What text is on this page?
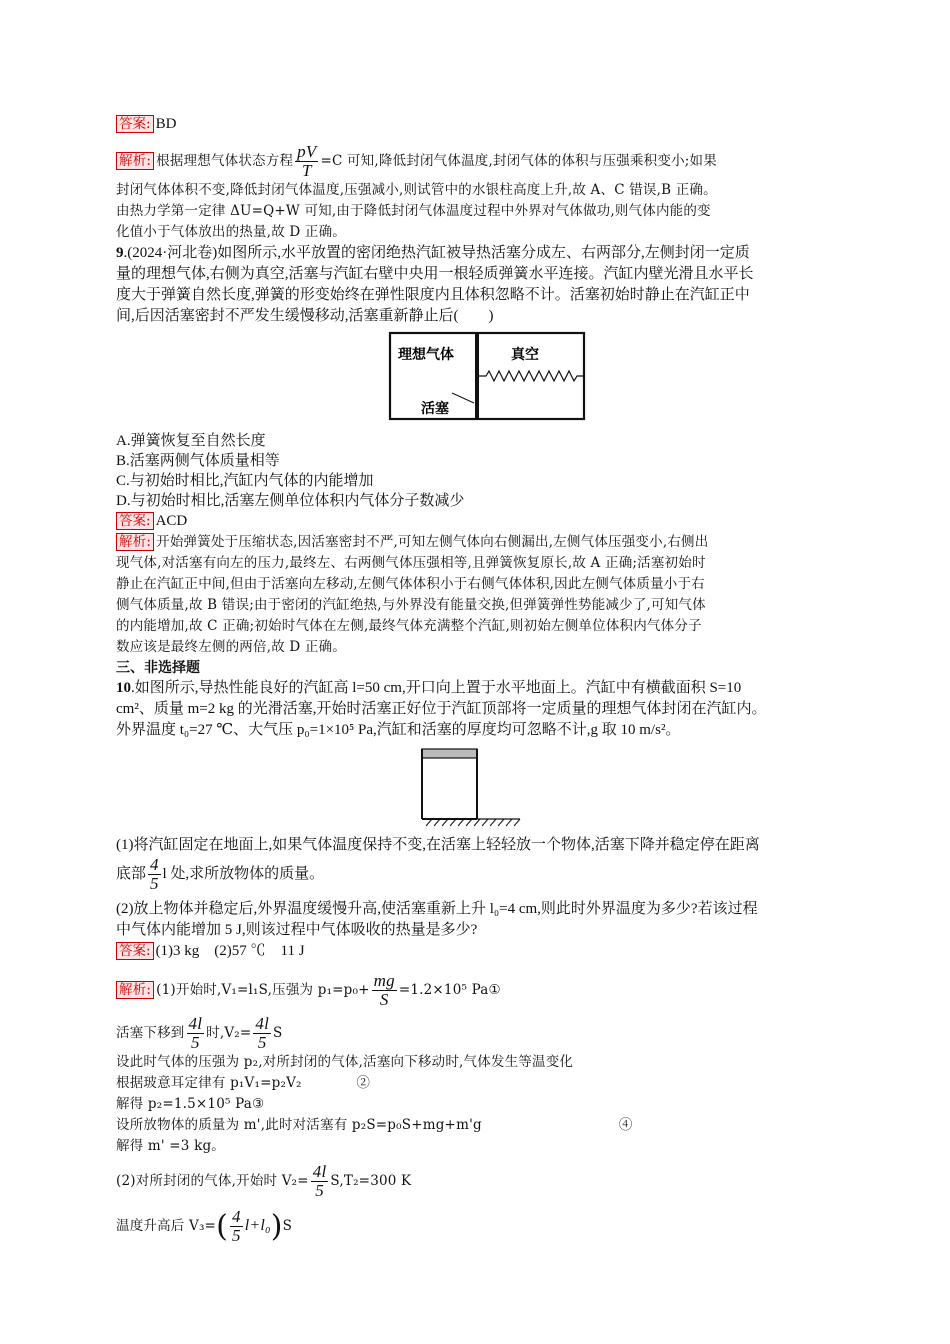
答案: BD
解析: 根据理想气体状态方程 $\frac{pV}{T} =C$ 可知,降低封闭气体温度,封闭气体的体积与压强乘积变小;如果
封闭气体体积不变,降低封闭气体温度,压强减小,则试管中的水银柱高度上升,故 A、C 错误,B 正确。
由热力学第一定律 ΔU=Q+W 可知,由于降低封闭气体温度过程中外界对气体做功,则气体内能的变
化值小于气体放出的热量,故 D 正确。
9.(2024·河北卷)如图所示,水平放置的密闭绝热汽缸被导热活塞分成左、右两部分,左侧封闭一定质
量的理想气体,右侧为真空,活塞与汽缸右壁中央用一根轻质弹簧水平连接。汽缸内壁光滑且水平长
度大于弹簧自然长度,弹簧的形变始终在弹性限度内且体积忽略不计。活塞初始时静止在汽缸正中
间,后因活塞密封不严发生缓慢移动,活塞重新静止后(　　)
理想气体	真空
活塞
A.弹簧恢复至自然长度
B.活塞两侧气体质量相等
C.与初始时相比,汽缸内气体的内能增加
D.与初始时相比,活塞左侧单位体积内气体分子数减少
答案: ACD
解析: 开始弹簧处于压缩状态,因活塞密封不严,可知左侧气体向右侧漏出,左侧气体压强变小,右侧出
现气体,对活塞有向左的压力,最终左、右两侧气体压强相等,且弹簧恢复原长,故 A 正确;活塞初始时
静止在汽缸正中间,但由于活塞向左移动,左侧气体体积小于右侧气体体积,因此左侧气体质量小于右
侧气体质量,故 B 错误;由于密闭的汽缸绝热,与外界没有能量交换,但弹簧弹性势能减少了,可知气体
的内能增加,故 C 正确;初始时气体在左侧,最终气体充满整个汽缸,则初始左侧单位体积内气体分子
数应该是最终左侧的两倍,故 D 正确。
三、非选择题
10.如图所示,导热性能良好的汽缸高 l=50 cm,开口向上置于水平地面上。汽缸中有横截面积 S=10
cm²、质量 m=2 kg 的光滑活塞,开始时活塞正好位于汽缸顶部将一定质量的理想气体封闭在汽缸内。
外界温度 t₀=27 ℃、大气压 p₀=1×10⁵ Pa,汽缸和活塞的厚度均可忽略不计,g 取 10 m/s²。
(1)将汽缸固定在地面上,如果气体温度保持不变,在活塞上轻轻放一个物体,活塞下降并稳定停在距离
底部 $\frac{4}{5}$ l 处,求所放物体的质量。
(2)放上物体并稳定后,外界温度缓慢升高,使活塞重新上升 l₀=4 cm,则此时外界温度为多少?若该过程
中气体内能增加 5 J,则该过程中气体吸收的热量是多少?
答案: (1)3 kg　(2)57 ℃　11 J
解析: (1)开始时,V₁=l₁S,压强为 $p_1=p_0+ \frac{mg}{S} =1.2\times 10^5$ Pa①
活塞下移到 $\frac{4l}{5}$ 时$,V_2= \frac{4l}{5}$ S
设此时气体的压强为 p₂,对所封闭的气体,活塞向下移动时,气体发生等温变化
根据玻意耳定律有 p₁V₁=p₂V₂　　　　②
解得 p₂=1.5×10⁵ Pa③
设所放物体的质量为 m',此时对活塞有 p₂S=p₀S+mg+m'g　　　　　　　　　　④
解得 m' =3 kg。
(2)对所封闭的气体,开始时 $V_2= \frac{4l}{5} S,T_2=300$ K
温度升高后 $V_3=( \frac{4}{5} l+l_0)S$
